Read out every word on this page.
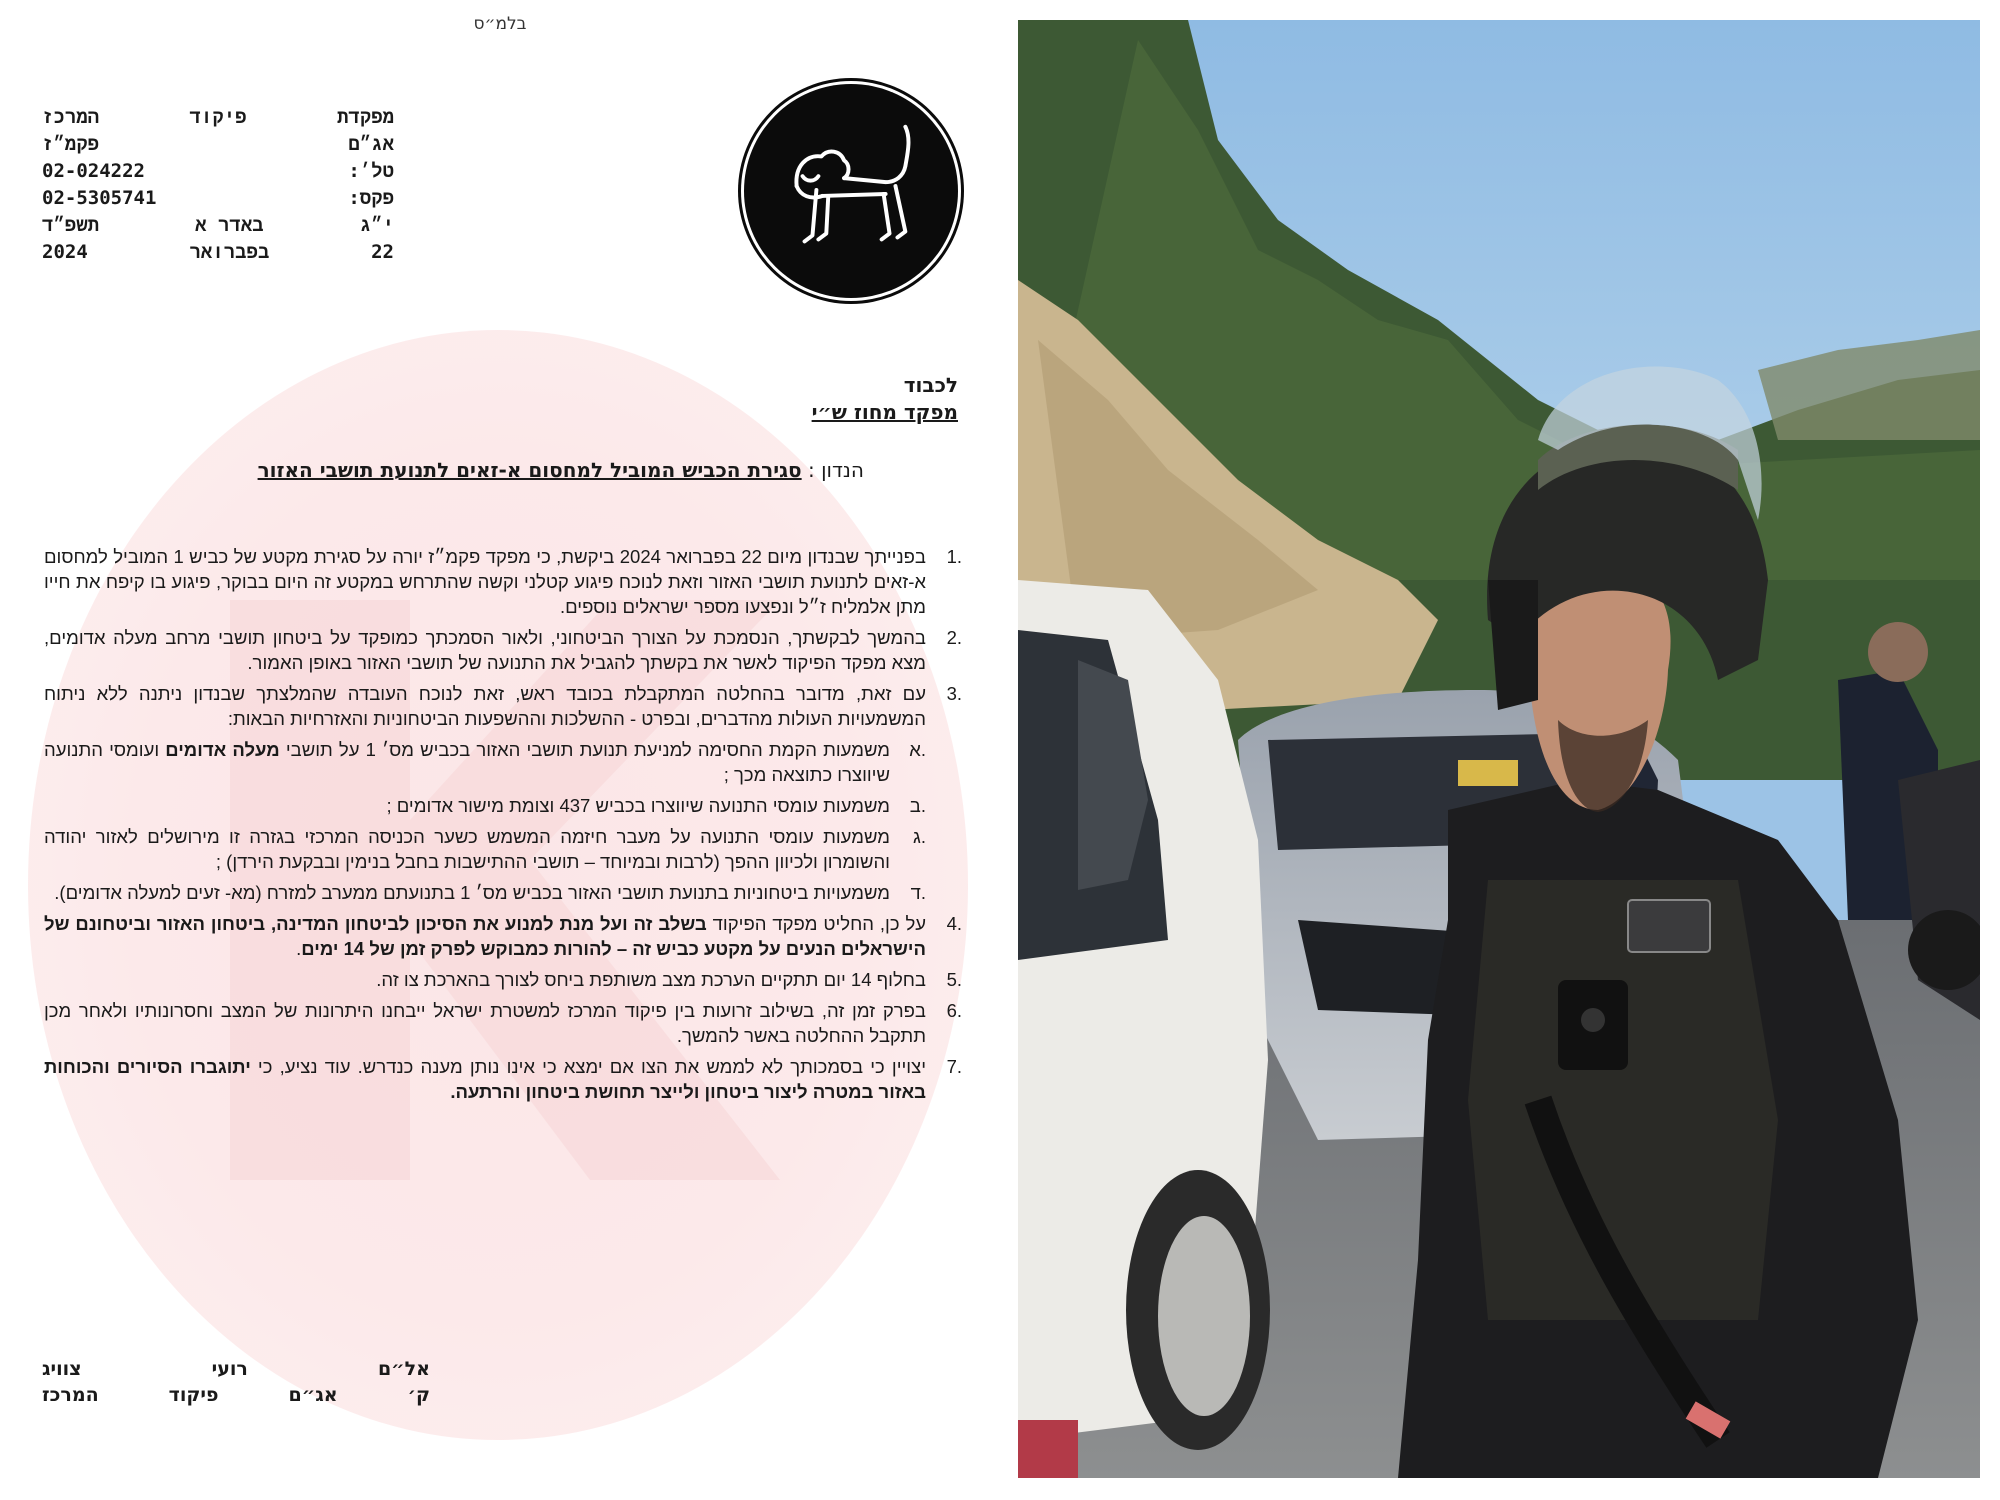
בלמ״ס
מפקדת
פיקוד
המרכז
אג״ם
פקמ״ז
טל׳:
02-024222
פקס:
02-5305741
י״ג
באדר א
תשפ״ד
22
בפברואר
2024
לכבוד
מפקד מחוז ש״י
הנדון : סגירת הכביש המוביל למחסום א-זאים לתנועת תושבי האזור
.1
בפנייתך שבנדון מיום 22 בפברואר 2024 ביקשת, כי מפקד פקמ״ז יורה על סגירת מקטע של כביש 1 המוביל למחסום א-זאים לתנועת תושבי האזור וזאת לנוכח פיגוע קטלני וקשה שהתרחש במקטע זה היום בבוקר, פיגוע בו קיפח את חייו מתן אלמליח ז״ל ונפצעו מספר ישראלים נוספים.
.2
בהמשך לבקשתך, הנסמכת על הצורך הביטחוני, ולאור הסמכתך כמופקד על ביטחון תושבי מרחב מעלה אדומים, מצא מפקד הפיקוד לאשר את בקשתך להגביל את התנועה של תושבי האזור באופן האמור.
.3
עם זאת, מדובר בהחלטה המתקבלת בכובד ראש, זאת לנוכח העובדה שהמלצתך שבנדון ניתנה ללא ניתוח המשמעויות העולות מהדברים, ובפרט - ההשלכות וההשפעות הביטחוניות והאזרחיות הבאות:
.א
משמעות הקמת החסימה למניעת תנועת תושבי האזור בכביש מס׳ 1 על תושבי מעלה אדומים ועומסי התנועה שיווצרו כתוצאה מכך ;
.ב
משמעות עומסי התנועה שיווצרו בכביש 437 וצומת מישור אדומים ;
.ג
משמעות עומסי התנועה על מעבר חיזמה המשמש כשער הכניסה המרכזי בגזרה זו מירושלים לאזור יהודה והשומרון ולכיוון ההפך (לרבות ובמיוחד – תושבי ההתישבות בחבל בנימין ובבקעת הירדן) ;
.ד
משמעויות ביטחוניות בתנועת תושבי האזור בכביש מס׳ 1 בתנועתם ממערב למזרח (מא- זעים למעלה אדומים).
.4
על כן, החליט מפקד הפיקוד בשלב זה ועל מנת למנוע את הסיכון לביטחון המדינה, ביטחון האזור וביטחונם של הישראלים הנעים על מקטע כביש זה – להורות כמבוקש לפרק זמן של 14 ימים.
.5
בחלוף 14 יום תתקיים הערכת מצב משותפת ביחס לצורך בהארכת צו זה.
.6
בפרק זמן זה, בשילוב זרועות בין פיקוד המרכז למשטרת ישראל ייבחנו היתרונות של המצב וחסרונותיו ולאחר מכן תתקבל ההחלטה באשר להמשך.
.7
יצויין כי בסמכותך לא לממש את הצו אם ימצא כי אינו נותן מענה כנדרש. עוד נציע, כי יתוגברו הסיורים והכוחות באזור במטרה ליצור ביטחון ולייצר תחושת ביטחון והרתעה.
אל״ם
רועי
צוויג
ק׳
אג״ם
פיקוד
המרכז
